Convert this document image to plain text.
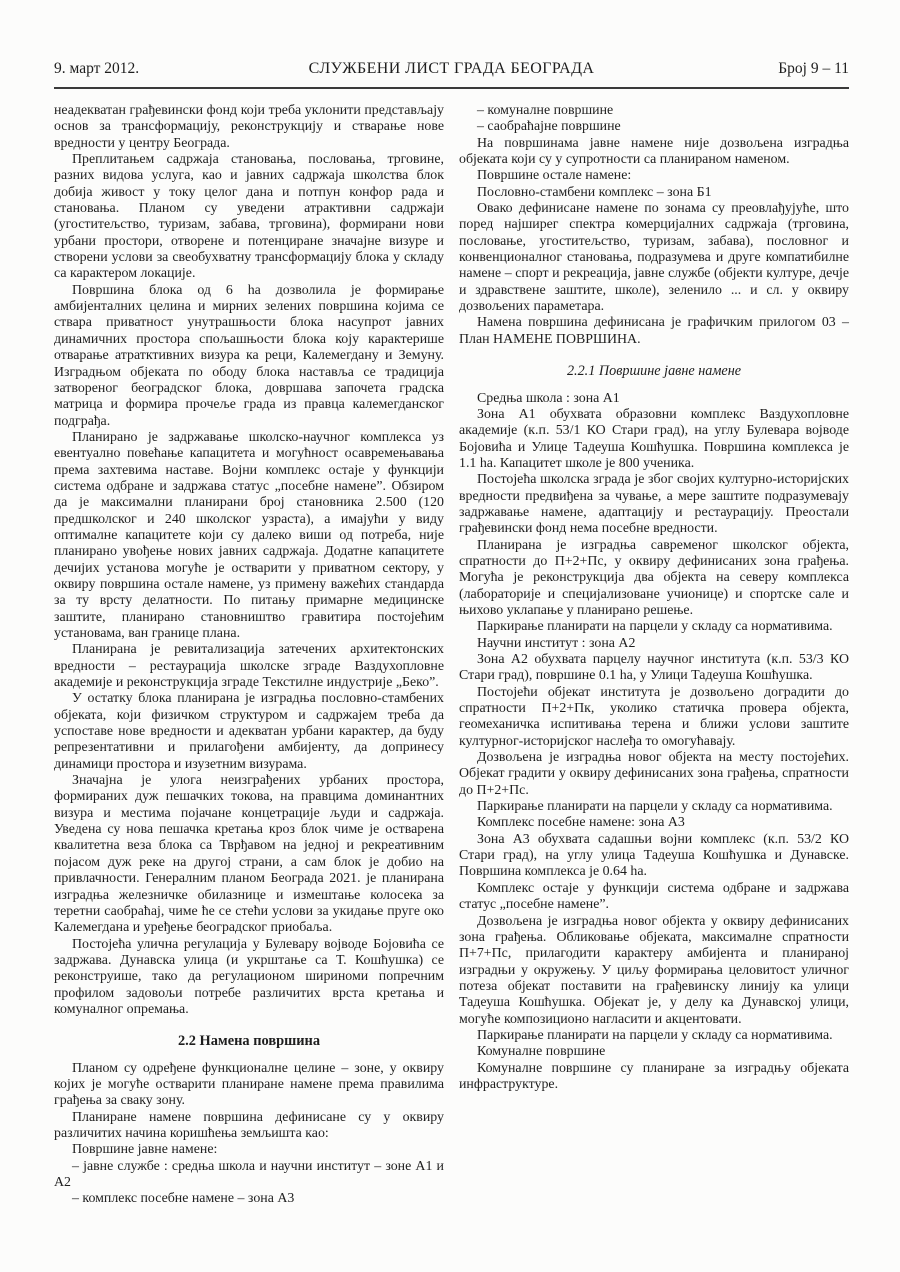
9. март 2012.	СЛУЖБЕНИ ЛИСТ ГРАДА БЕОГРАДА	Број 9 – 11

неадекватан грађевински фонд који треба уклонити представљају основ за трансформацију, реконструкцију и стварање нове вредности у центру Београда.

Преплитањем садржаја становања, пословања, трговине, разних видова услуга, као и јавних садржаја школства блок добија живост у току целог дана и потпун конфор рада и становања. Планом су уведени атрактивни садржаји (угоститељство, туризам, забава, трговина), формирани нови урбани простори, отворене и потенциране значајне визуре и створени услови за свеобухватну трансформацију блока у складу са карактером локације.

Површина блока од 6 ha дозволила је формирање амбијенталних целина и мирних зелених површина којима се ствара приватност унутрашњости блока насупрот јавних динамичних простора спољашњости блока коју карактерише отварање атратктивних визура ка реци, Калемегдану и Земуну. Изградњом објеката по ободу блока наставља се традиција затвореног београдског блока, довршава започета градска матрица и формира прочеље града из правца калемегданског подграђа.

Планирано је задржавање школско-научног комплекса уз евентуално повећање капацитета и могућност осавремењавања према захтевима наставе. Војни комплекс остаје у функцији система одбране и задржава статус „посебне намене”. Обзиром да је максимални планирани број становника 2.500 (120 предшколског и 240 школског узраста), а имајући у виду оптималне капацитете који су далеко виши од потреба, није планирано увођење нових јавних садржаја. Додатне капацитете дечијих установа могуће је остварити у приватном сектору, у оквиру површина остале намене, уз примену важећих стандарда за ту врсту делатности. По питању примарне медицинске заштите, планирано становништво гравитира постојећим установама, ван границе плана.

Планирана је ревитализација затечених архитектонских вредности – рестаурација школске зграде Ваздухопловне академије и реконструкција зграде Текстилне индустрије „Беко”.

У остатку блока планирана је изградња пословно-стамбених објеката, који физичком структуром и садржајем треба да успоставе нове вредности и адекватан урбани карактер, да буду репрезентативни и прилагођени амбијенту, да допринесу динамици простора и изузетним визурама.

Значајна је улога неизграђених урбаних простора, формираних дуж пешачких токова, на правцима доминантних визура и местима појачане концетрације људи и садржаја. Уведена су нова пешачка кретања кроз блок чиме је остварена квалитетна веза блока са Тврђавом на једној и рекреативним појасом дуж реке на другој страни, а сам блок је добио на привлачности. Генералним планом Београда 2021. је планирана изградња железничке обилазнице и измештање колосека за теретни саобраћај, чиме ће се стећи услови за укидање пруге око Калемегдана и уређење београдског приобаља.

Постојећа улична регулација у Булевару војводе Бојовића се задржава. Дунавска улица (и укрштање са Т. Кошћушка) се реконструише, тако да регулационом шириноми попречним профилом задовољи потребе различитих врста кретања и комуналног опремања.

2.2 Намена површина

Планом су одређене функционалне целине – зоне, у оквиру којих је могуће остварити планиране намене према правилима грађења за сваку зону.

Планиране намене површина дефинисане су у оквиру различитих начина коришћења земљишта као:

Површине јавне намене:

– јавне службе : средња школа и научни институт – зоне А1 и А2

– комплекс посебне намене – зона А3

– комуналне површине

– саобраћајне површине

На површинама јавне намене није дозвољена изградња објеката који су у супротности са планираном наменом.

Површине остале намене:

Пословно-стамбени комплекс – зона Б1

Овако дефинисане намене по зонама су преовлађујуће, што поред најширег спектра комерцијалних садржаја (трговина, пословање, угоститељство, туризам, забава), пословног и конвенционалног становања, подразумева и друге компатибилне намене – спорт и рекреација, јавне службе (објекти културе, дечје и здравствене заштите, школе), зеленило ... и сл. у оквиру дозвољених параметара.

Намена површина дефинисана је графичким прилогом 03 – План НАМЕНЕ ПОВРШИНА.

2.2.1 Површине јавне намене

Средња школа : зона А1

Зона А1 обухвата образовни комплекс Ваздухопловне академије (к.п. 53/1 КО Стари град), на углу Булевара војводе Бојовића и Улице Тадеуша Кошћушка. Површина комплекса је 1.1 ha. Капацитет школе је 800 ученика.

Постојећа школска зграда је због својих културно-историјских вредности предвиђена за чување, а мере заштите подразумевају задржавање намене, адаптацију и рестаурацију. Преостали грађевински фонд нема посебне вредности.

Планирана је изградња савременог школског објекта, спратности до П+2+Пс, у оквиру дефинисаних зона грађења. Могућа је реконструкција два објекта на северу комплекса (лабораторије и специјализоване учионице) и спортске сале и њихово уклапање у планирано решење.

Паркирање планирати на парцели у складу са нормативима.

Научни институт : зона А2

Зона А2 обухвата парцелу научног института (к.п. 53/3 КО Стари град), површине 0.1 ha, у Улици Тадеуша Кошћушка.

Постојећи објекат института је дозвољено доградити до спратности П+2+Пк, уколико статичка провера објекта, геомеханичка испитивања терена и ближи услови заштите културног-историјског наслеђа то омогућавају.

Дозвољена је изградња новог објекта на месту постојећих. Објекат градити у оквиру дефинисаних зона грађења, спратности до П+2+Пс.

Паркирање планирати на парцели у складу са нормативима.

Комплекс посебне намене: зона А3

Зона А3 обухвата садашњи војни комплекс (к.п. 53/2 КО Стари град), на углу улица Тадеуша Кошћушка и Дунавске. Површина комплекса је 0.64 ha.

Комплекс остаје у функцији система одбране и задржава статус „посебне намене”.

Дозвољена је изградња новог објекта у оквиру дефинисаних зона грађења. Обликовање објеката, максималне спратности П+7+Пс, прилагодити карактеру амбијента и планираној изградњи у окружењу. У циљу формирања целовитост уличног потеза објекат поставити на грађевинску линију ка улици Тадеуша Кошћушка. Објекат је, у делу ка Дунавској улици, могуће композиционо нагласити и акцентовати.

Паркирање планирати на парцели у складу са нормативима.

Комуналне површине

Комуналне површине су планиране за изградњу објеката инфраструктуре.
